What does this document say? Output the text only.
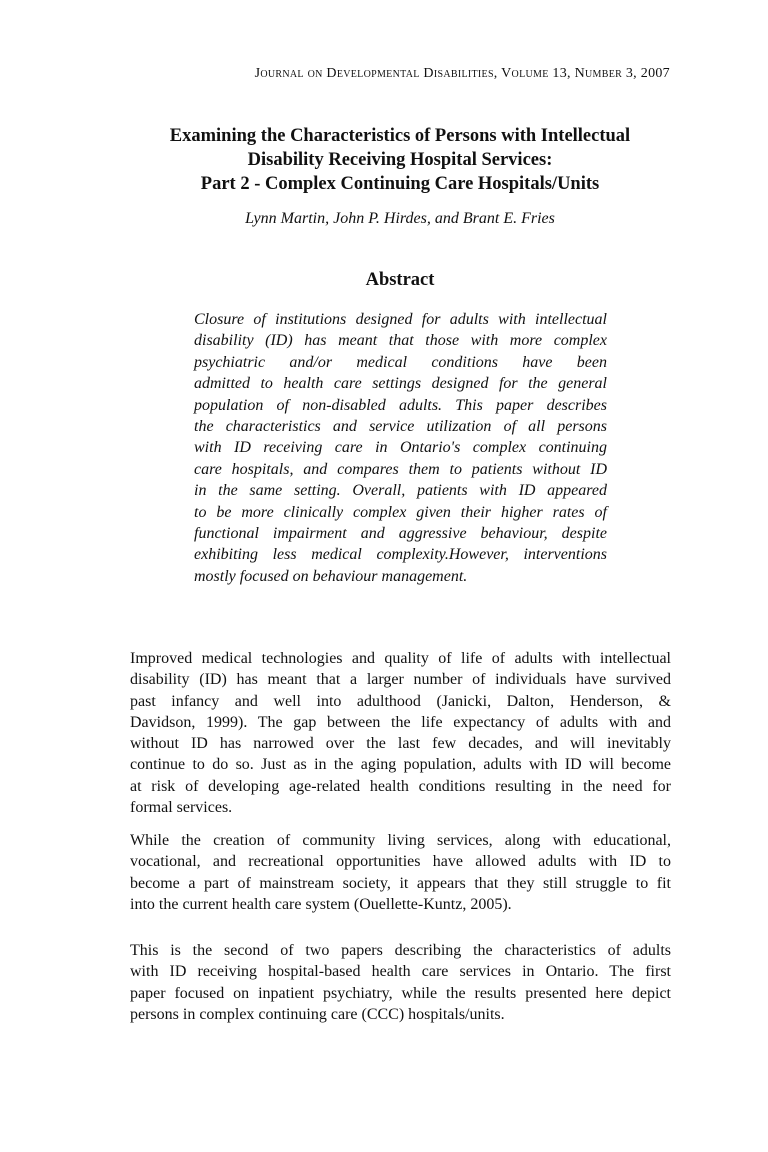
Journal on Developmental Disabilities, Volume 13, Number 3, 2007
Examining the Characteristics of Persons with Intellectual
Disability Receiving Hospital Services:
Part 2 - Complex Continuing Care Hospitals/Units
Lynn Martin, John P. Hirdes, and Brant E. Fries
Abstract
Closure of institutions designed for adults with intellectual
disability (ID) has meant that those with more complex
psychiatric and/or medical conditions have been
admitted to health care settings designed for the general
population of non-disabled adults. This paper describes
the characteristics and service utilization of all persons
with ID receiving care in Ontario's complex continuing
care hospitals, and compares them to patients without ID
in the same setting. Overall, patients with ID appeared
to be more clinically complex given their higher rates of
functional impairment and aggressive behaviour, despite
exhibiting less medical complexity.However, interventions
mostly focused on behaviour management.
Improved medical technologies and quality of life of adults with intellectual
disability (ID) has meant that a larger number of individuals have survived
past infancy and well into adulthood (Janicki, Dalton, Henderson, &
Davidson, 1999). The gap between the life expectancy of adults with and
without ID has narrowed over the last few decades, and will inevitably
continue to do so. Just as in the aging population, adults with ID will become
at risk of developing age-related health conditions resulting in the need for
formal services.
While the creation of community living services, along with educational,
vocational, and recreational opportunities have allowed adults with ID to
become a part of mainstream society, it appears that they still struggle to fit
into the current health care system (Ouellette-Kuntz, 2005).
This is the second of two papers describing the characteristics of adults
with ID receiving hospital-based health care services in Ontario. The first
paper focused on inpatient psychiatry, while the results presented here depict
persons in complex continuing care (CCC) hospitals/units.
